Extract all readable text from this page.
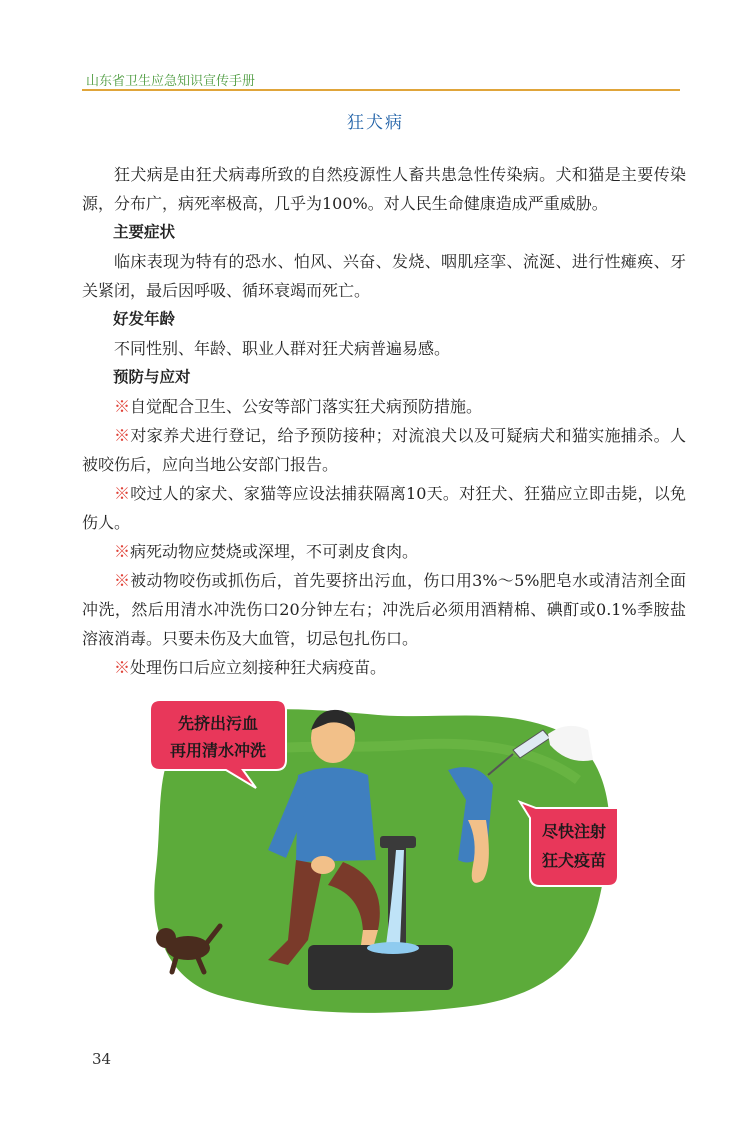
山东省卫生应急知识宣传手册
狂犬病

狂犬病是由狂犬病毒所致的自然疫源性人畜共患急性传染病。犬和猫是主要传染源，分布广，病死率极高，几乎为100%。对人民生命健康造成严重威胁。

主要症状

临床表现为特有的恐水、怕风、兴奋、发烧、咽肌痉挛、流涎、进行性瘫痪、牙关紧闭，最后因呼吸、循环衰竭而死亡。

好发年龄

不同性别、年龄、职业人群对狂犬病普遍易感。

预防与应对

※自觉配合卫生、公安等部门落实狂犬病预防措施。

※对家养犬进行登记，给予预防接种；对流浪犬以及可疑病犬和猫实施捕杀。人被咬伤后，应向当地公安部门报告。

※咬过人的家犬、家猫等应设法捕获隔离10天。对狂犬、狂猫应立即击毙，以免伤人。

※病死动物应焚烧或深埋，不可剥皮食肉。

※被动物咬伤或抓伤后，首先要挤出污血，伤口用3%～5%肥皂水或清洁剂全面冲洗，然后用清水冲洗伤口20分钟左右；冲洗后必须用酒精棉、碘酊或0.1%季胺盐溶液消毒。只要未伤及大血管，切忌包扎伤口。

※处理伤口后应立刻接种狂犬病疫苗。

先挤出污血
再用清水冲洗
尽快注射
狂犬疫苗
34
